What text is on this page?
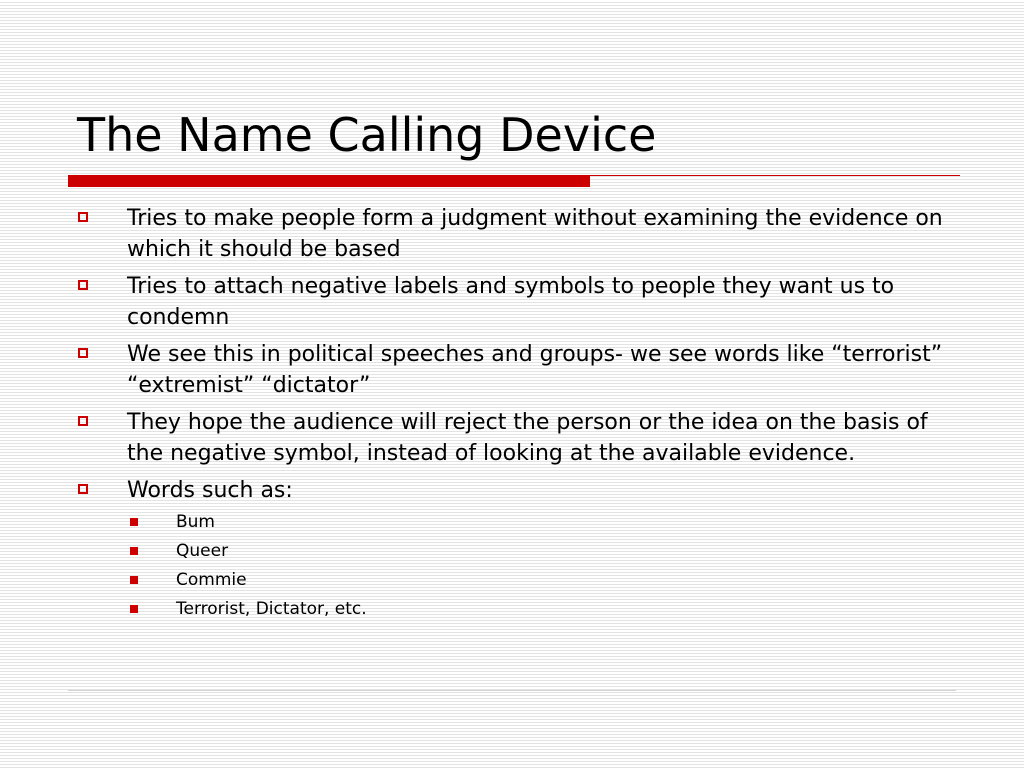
The Name Calling Device
Tries to make people form a judgment without examining the evidence on which it should be based
Tries to attach negative labels and symbols to people they want us to condemn
We see this in political speeches and groups- we see words like “terrorist” “extremist” “dictator”
They hope the audience will reject the person or the idea on the basis of the negative symbol, instead of looking at the available evidence.
Words such as:
Bum
Queer
Commie
Terrorist, Dictator, etc.
